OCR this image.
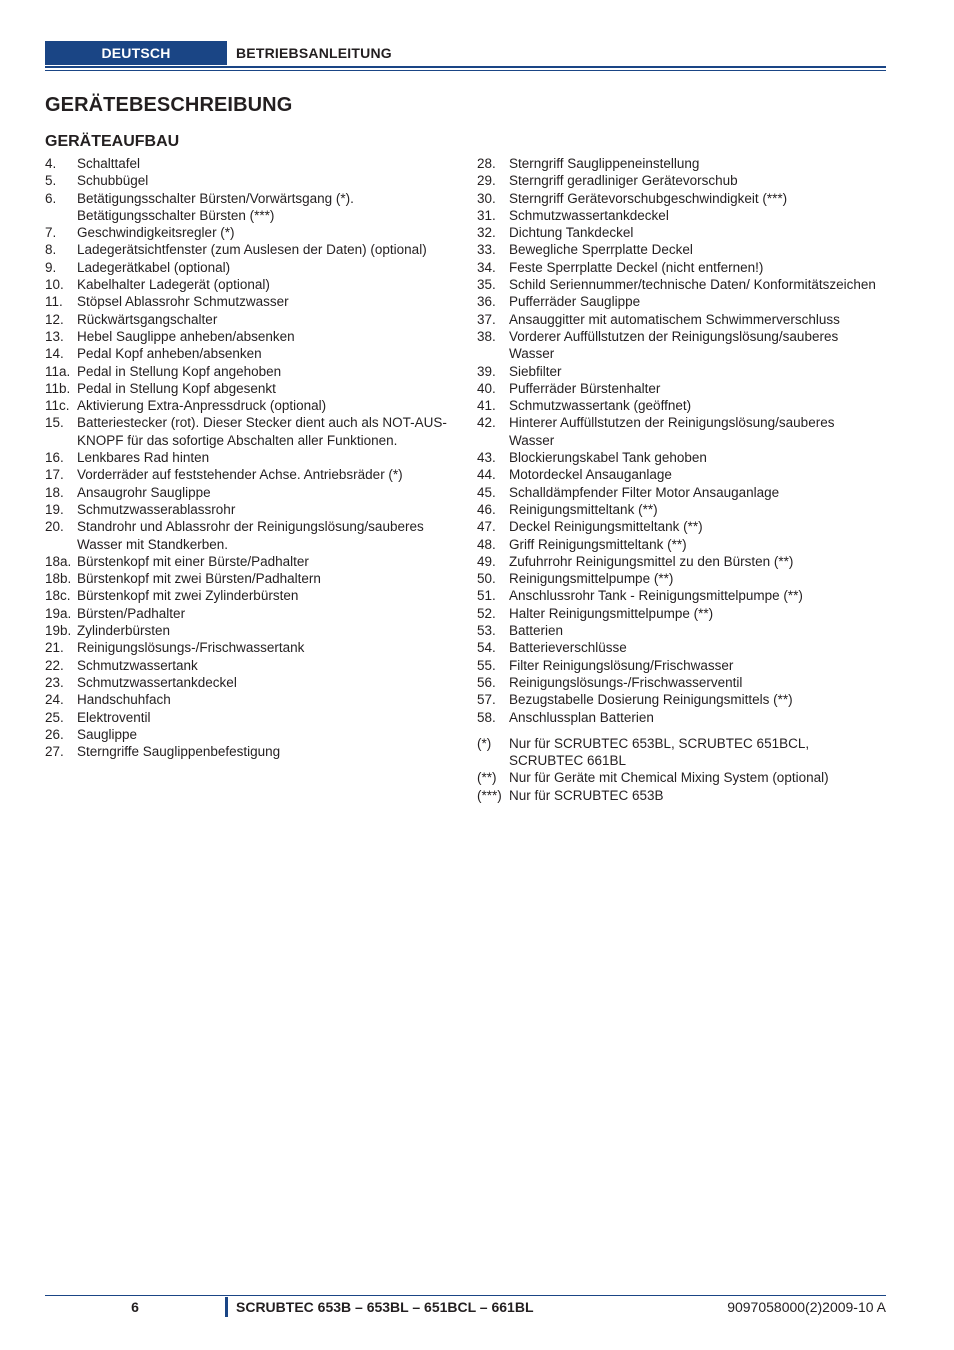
DEUTSCH	BETRIEBSANLEITUNG
GERÄTEBESCHREIBUNG
GERÄTEAUFBAU
4.	Schalttafel
5.	Schubbügel
6.	Betätigungsschalter Bürsten/Vorwärtsgang (*). Betätigungsschalter Bürsten (***)
7.	Geschwindigkeitsregler (*)
8.	Ladegerätsichtfenster (zum Auslesen der Daten) (optional)
9.	Ladegerätkabel (optional)
10. Kabelhalter Ladegerät (optional)
11.	Stöpsel Ablassrohr Schmutzwasser
12. Rückwärtsgangschalter
13. Hebel Sauglippe anheben/absenken
14. Pedal Kopf anheben/absenken
11a. Pedal in Stellung Kopf angehoben
11b. Pedal in Stellung Kopf abgesenkt
11c. Aktivierung Extra-Anpressdruck (optional)
15. Batteriestecker (rot). Dieser Stecker dient auch als NOT-AUS-KNOPF für das sofortige Abschalten aller Funktionen.
16. Lenkbares Rad hinten
17. Vorderräder auf feststehender Achse. Antriebsräder (*)
18. Ansaugrohr Sauglippe
19. Schmutzwasserablassrohr
20. Standrohr und Ablassrohr der Reinigungslösung/sauberes Wasser mit Standkerben.
18a. Bürstenkopf mit einer Bürste/Padhalter
18b. Bürstenkopf mit zwei Bürsten/Padhaltern
18c. Bürstenkopf mit zwei Zylinderbürsten
19a. Bürsten/Padhalter
19b. Zylinderbürsten
21. Reinigungslösungs-/Frischwassertank
22. Schmutzwassertank
23. Schmutzwassertankdeckel
24. Handschuhfach
25. Elektroventil
26. Sauglippe
27. Sterngriffe Sauglippenbefestigung
28. Sterngriff Sauglippeneinstellung
29. Sterngriff geradliniger Gerätevorschub
30. Sterngriff Gerätevorschubgeschwindigkeit (***)
31. Schmutzwassertankdeckel
32. Dichtung Tankdeckel
33. Bewegliche Sperrplatte Deckel
34. Feste Sperrplatte Deckel (nicht entfernen!)
35. Schild Seriennummer/technische Daten/ Konformitätszeichen
36. Pufferräder Sauglippe
37. Ansauggitter mit automatischem Schwimmerverschluss
38. Vorderer Auffüllstutzen der Reinigungslösung/sauberes Wasser
39. Siebfilter
40. Pufferräder Bürstenhalter
41. Schmutzwassertank (geöffnet)
42. Hinterer Auffüllstutzen der Reinigungslösung/sauberes Wasser
43. Blockierungskabel Tank gehoben
44. Motordeckel Ansauganlage
45. Schalldämpfender Filter Motor Ansauganlage
46. Reinigungsmitteltank (**)
47. Deckel Reinigungsmitteltank (**)
48. Griff Reinigungsmitteltank (**)
49. Zufuhrrohr Reinigungsmittel zu den Bürsten (**)
50. Reinigungsmittelpumpe (**)
51. Anschlussrohr Tank - Reinigungsmittelpumpe (**)
52. Halter Reinigungsmittelpumpe (**)
53. Batterien
54. Batterieverschlüsse
55. Filter Reinigungslösung/Frischwasser
56. Reinigungslösungs-/Frischwasserventil
57. Bezugstabelle Dosierung Reinigungsmittels (**)
58. Anschlussplan Batterien
(*)	Nur für SCRUBTEC 653BL, SCRUBTEC 651BCL, SCRUBTEC 661BL
(**) Nur für Geräte mit Chemical Mixing System (optional)
(***) Nur für SCRUBTEC 653B
6	SCRUBTEC 653B – 653BL – 651BCL – 661BL	9097058000(2)2009-10 A
